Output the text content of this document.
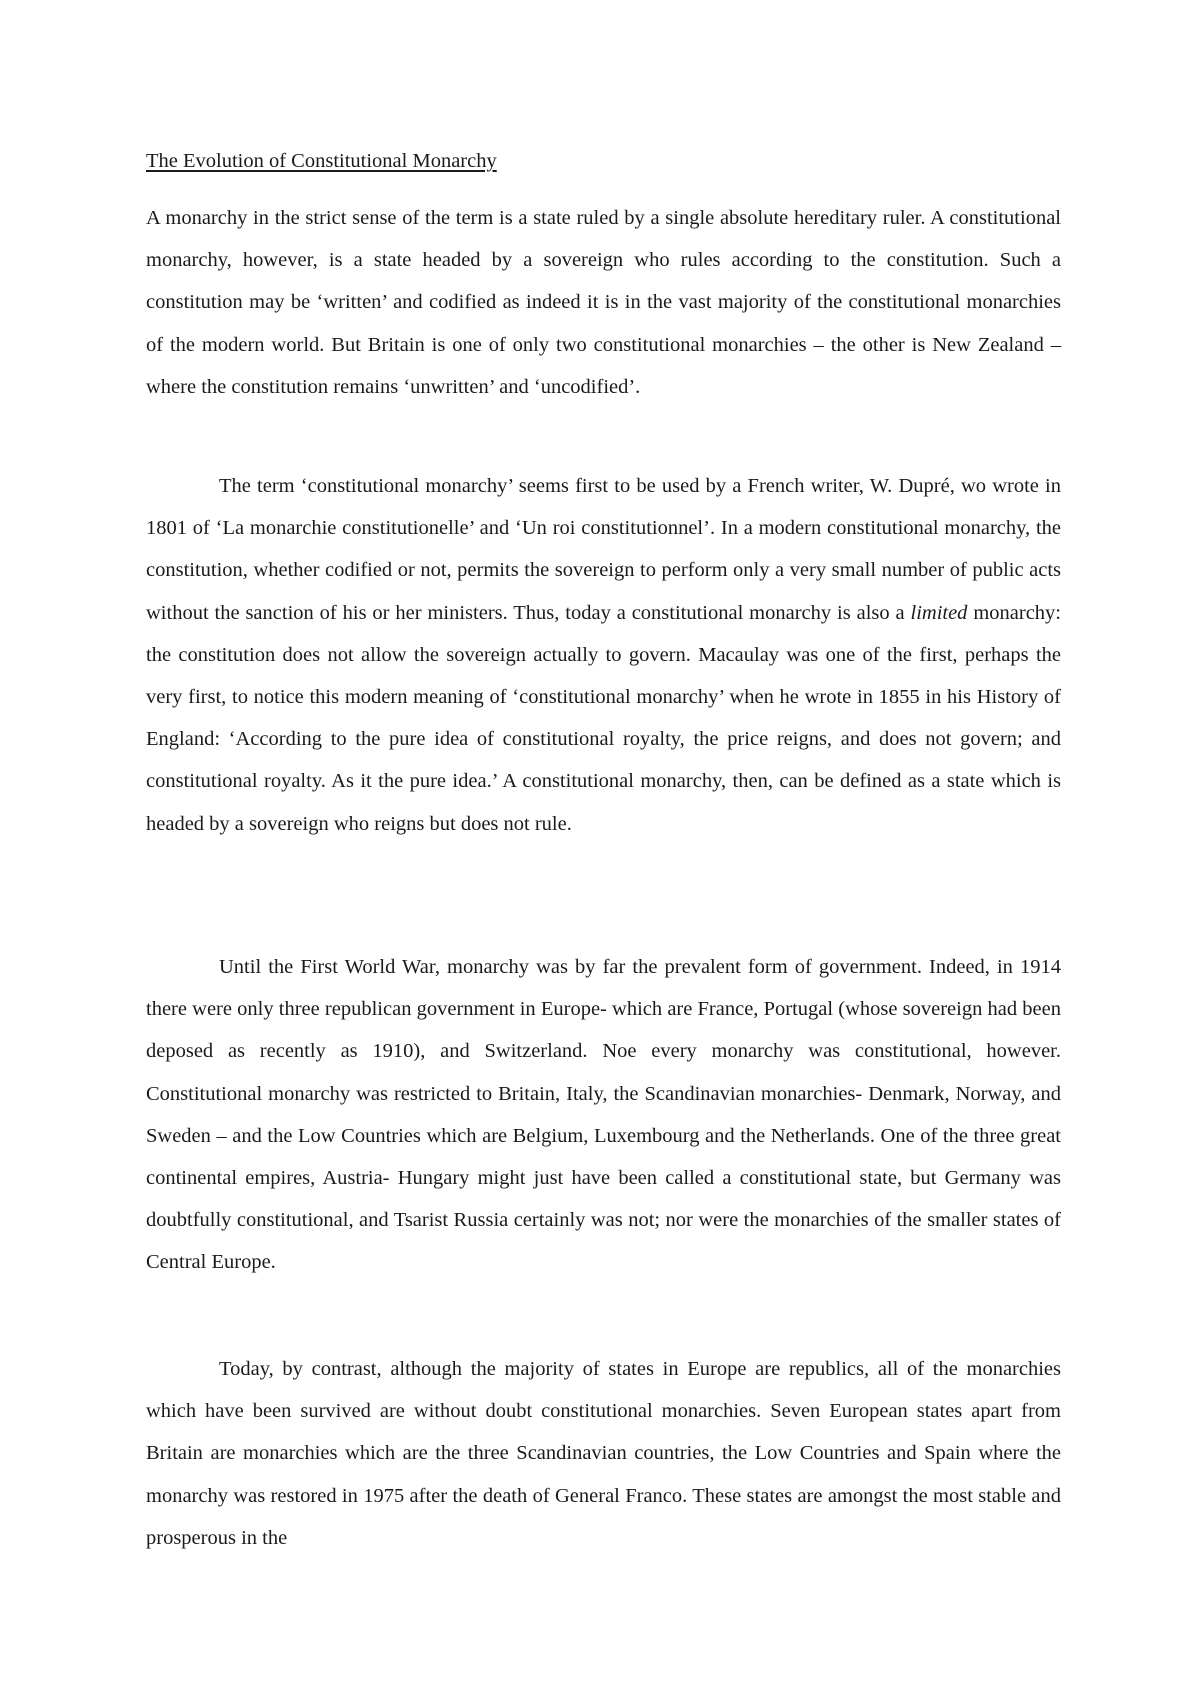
The Evolution of Constitutional Monarchy

A monarchy in the strict sense of the term is a state ruled by a single absolute hereditary ruler. A constitutional monarchy, however, is a state headed by a sovereign who rules according to the constitution. Such a constitution may be ‘written’ and codified as indeed it is in the vast majority of the constitutional monarchies of the modern world. But Britain is one of only two constitutional monarchies – the other is New Zealand – where the constitution remains ‘unwritten’ and ‘uncodified’.

The term ‘constitutional monarchy’ seems first to be used by a French writer, W. Dupré, wo wrote in 1801 of ‘La monarchie constitutionelle’ and ‘Un roi constitutionnel’. In a modern constitutional monarchy, the constitution, whether codified or not, permits the sovereign to perform only a very small number of public acts without the sanction of his or her ministers. Thus, today a constitutional monarchy is also a limited monarchy: the constitution does not allow the sovereign actually to govern. Macaulay was one of the first, perhaps the very first, to notice this modern meaning of ‘constitutional monarchy’ when he wrote in 1855 in his History of England: ‘According to the pure idea of constitutional royalty, the price reigns, and does not govern; and constitutional royalty. As it the pure idea.’ A constitutional monarchy, then, can be defined as a state which is headed by a sovereign who reigns but does not rule.

Until the First World War, monarchy was by far the prevalent form of government. Indeed, in 1914 there were only three republican government in Europe- which are France, Portugal (whose sovereign had been deposed as recently as 1910), and Switzerland. Noe every monarchy was constitutional, however. Constitutional monarchy was restricted to Britain, Italy, the Scandinavian monarchies- Denmark, Norway, and Sweden – and the Low Countries which are Belgium, Luxembourg and the Netherlands. One of the three great continental empires, Austria- Hungary might just have been called a constitutional state, but Germany was doubtfully constitutional, and Tsarist Russia certainly was not; nor were the monarchies of the smaller states of Central Europe.

Today, by contrast, although the majority of states in Europe are republics, all of the monarchies which have been survived are without doubt constitutional monarchies. Seven European states apart from Britain are monarchies which are the three Scandinavian countries, the Low Countries and Spain where the monarchy was restored in 1975 after the death of General Franco. These states are amongst the most stable and prosperous in the
